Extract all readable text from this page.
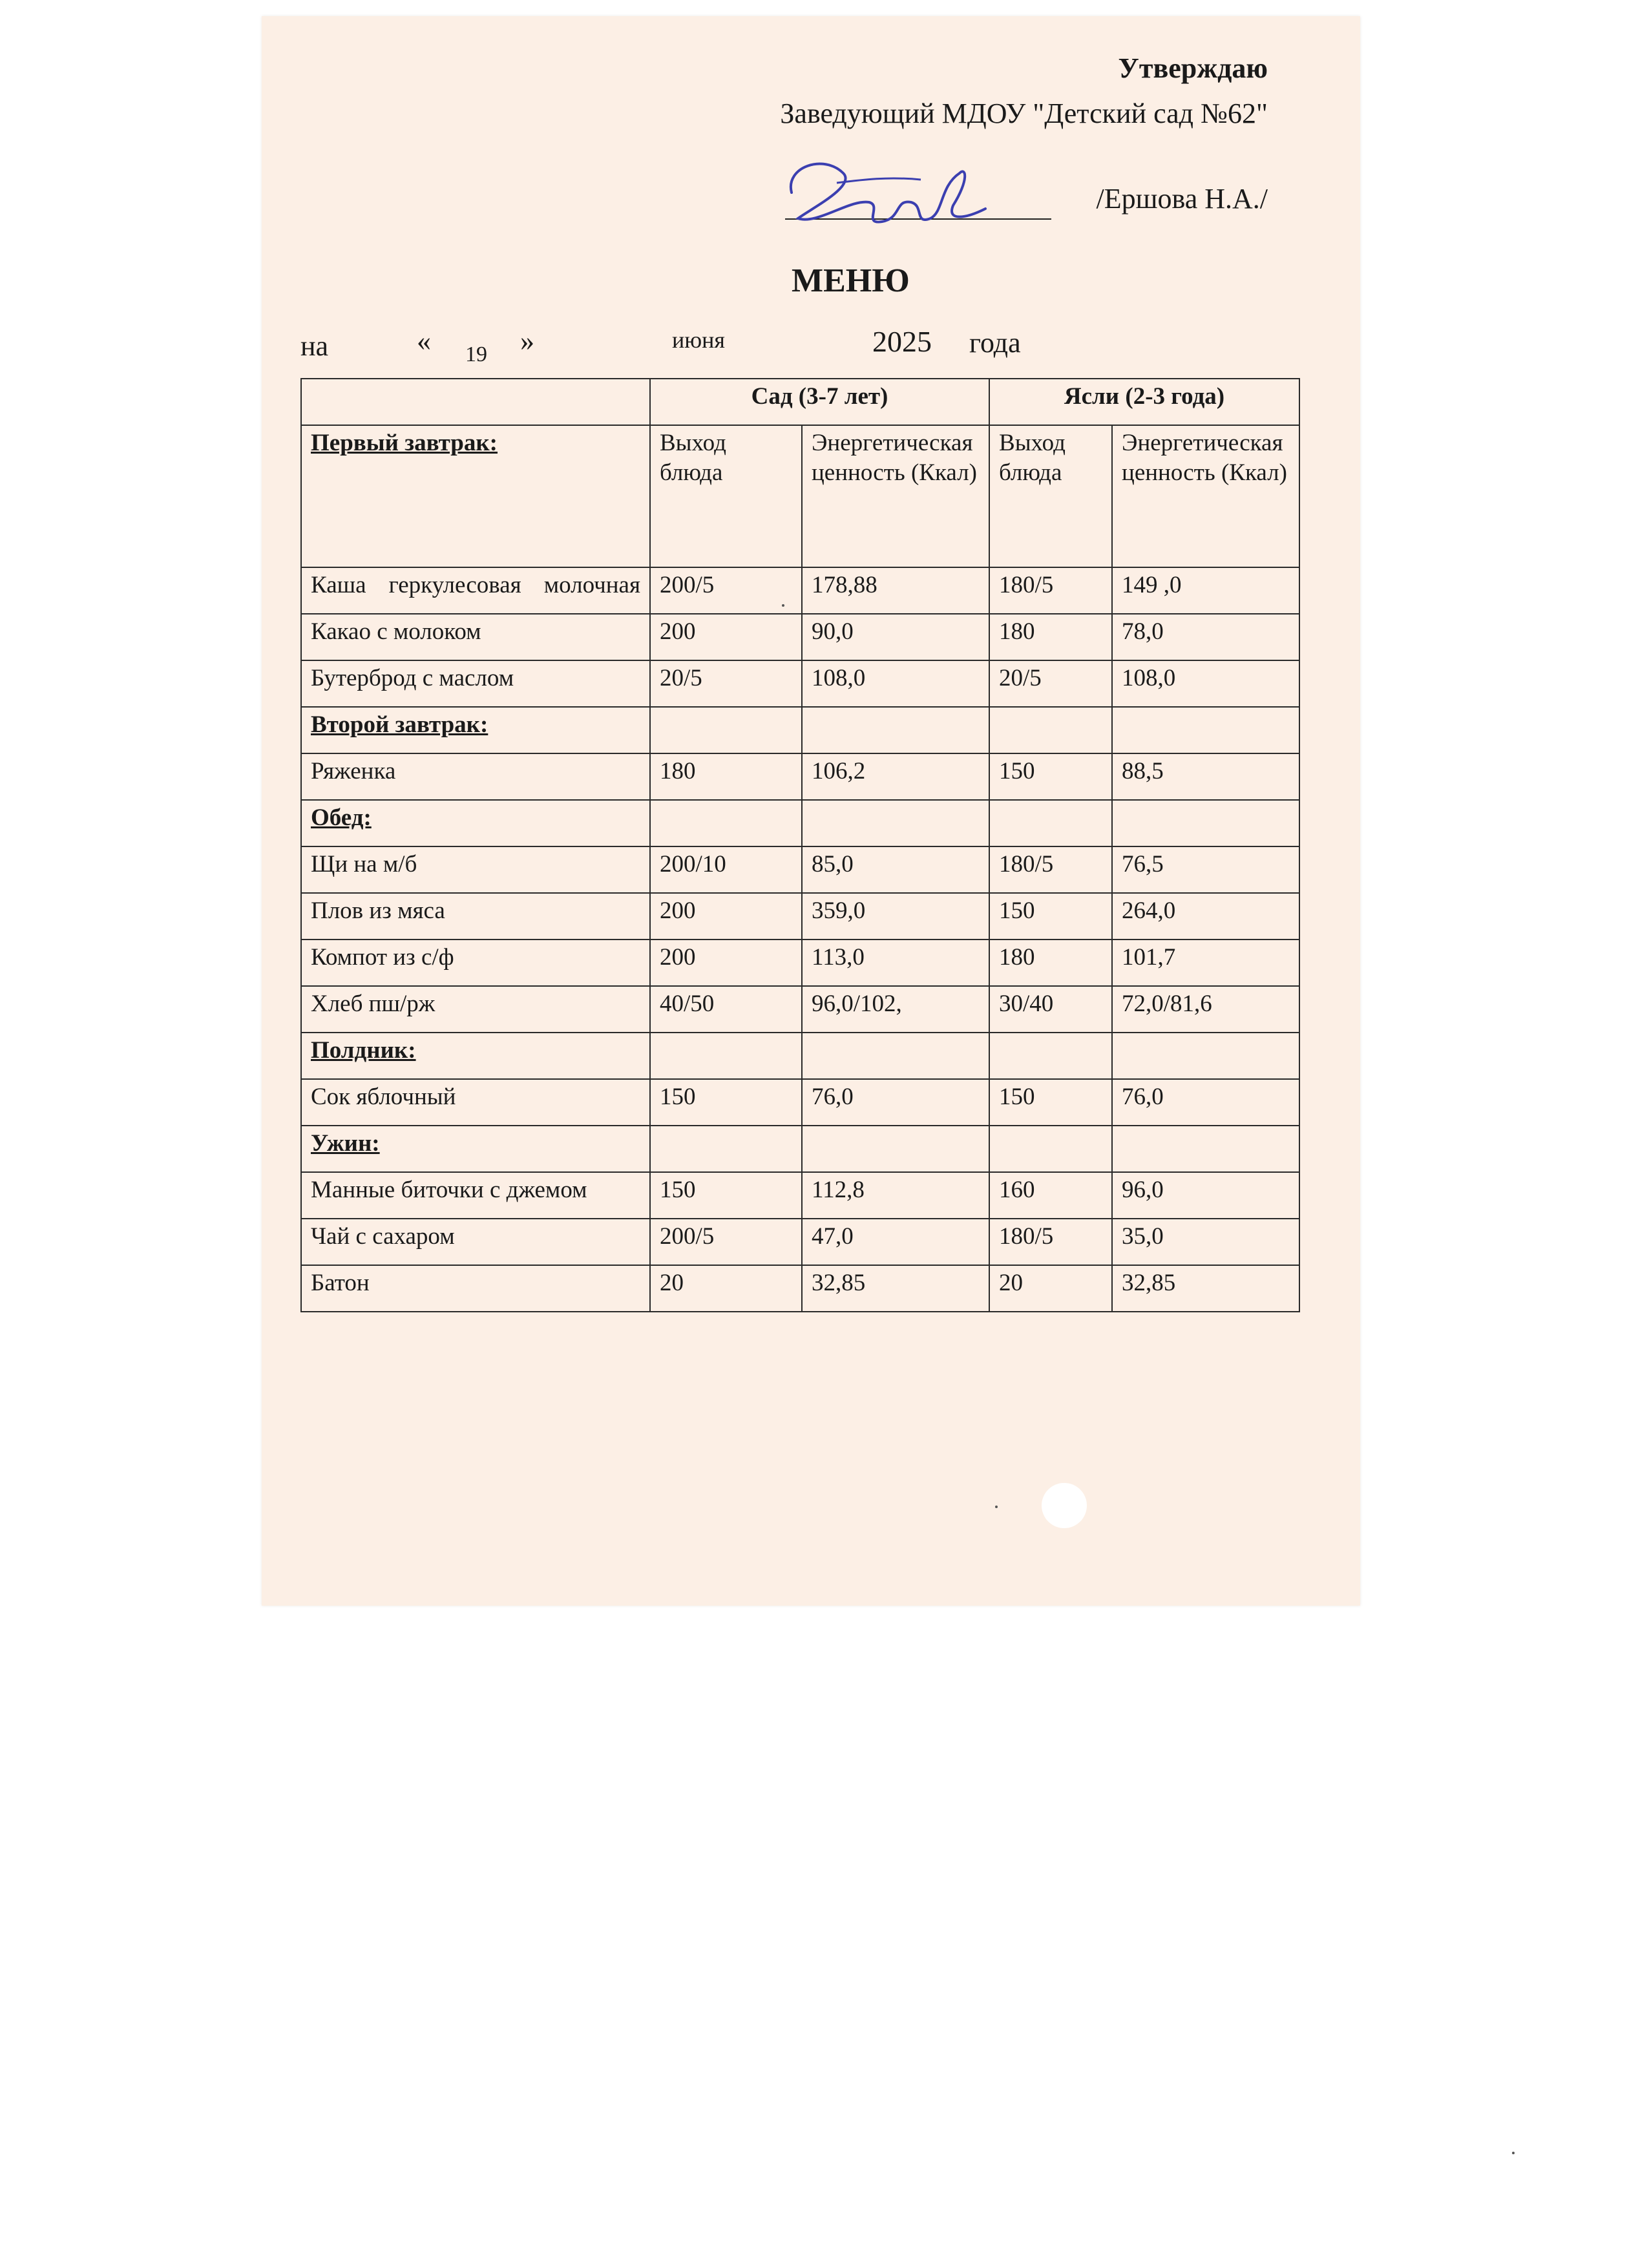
Утверждаю
Заведующий МДОУ "Детский сад №62"
/Ершова Н.А./
МЕНЮ
на	« 19 »	июня	2025 года
	Сад (3-7 лет)		Ясли (2-3 года)	
Первый завтрак:	Выход блюда	Энергетическая ценность (Ккал)	Выход блюда	Энергетическая ценность (Ккал)
Каша геркулесовая молочная	200/5	178,88	180/5	149 ,0
Какао с молоком	200	90,0	180	78,0
Бутерброд с маслом	20/5	108,0	20/5	108,0
Второй завтрак:				
Ряженка	180	106,2	150	88,5
Обед:				
Щи на м/б	200/10	85,0	180/5	76,5
Плов из мяса	200	359,0	150	264,0
Компот из с/ф	200	113,0	180	101,7
Хлеб пш/рж	40/50	96,0/102,	30/40	72,0/81,6
Полдник:				
Сок яблочный	150	76,0	150	76,0
Ужин:				
Манные биточки с джемом	150	112,8	160	96,0
Чай с сахаром	200/5	47,0	180/5	35,0
Батон	20	32,85	20	32,85
